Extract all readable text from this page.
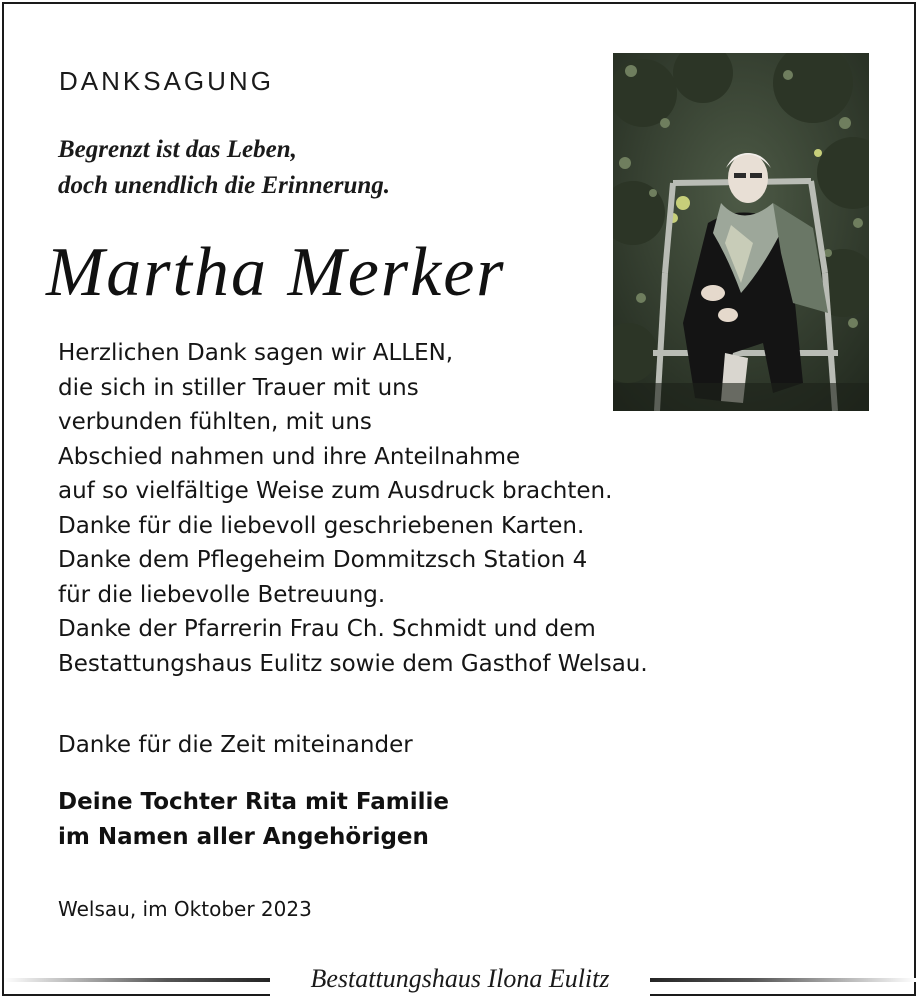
DANKSAGUNG
Begrenzt ist das Leben,
doch unendlich die Erinnerung.
Martha Merker
Herzlichen Dank sagen wir ALLEN,
die sich in stiller Trauer mit uns
verbunden fühlten, mit uns
Abschied nahmen und ihre Anteilnahme
auf so vielfältige Weise zum Ausdruck brachten.
Danke für die liebevoll geschriebenen Karten.
Danke dem Pflegeheim Dommitzsch Station 4
für die liebevolle Betreuung.
Danke der Pfarrerin Frau Ch. Schmidt und dem
Bestattungshaus Eulitz sowie dem Gasthof Welsau.
Danke für die Zeit miteinander
Deine Tochter Rita mit Familie
im Namen aller Angehörigen
Welsau, im Oktober 2023
Bestattungshaus Ilona Eulitz
